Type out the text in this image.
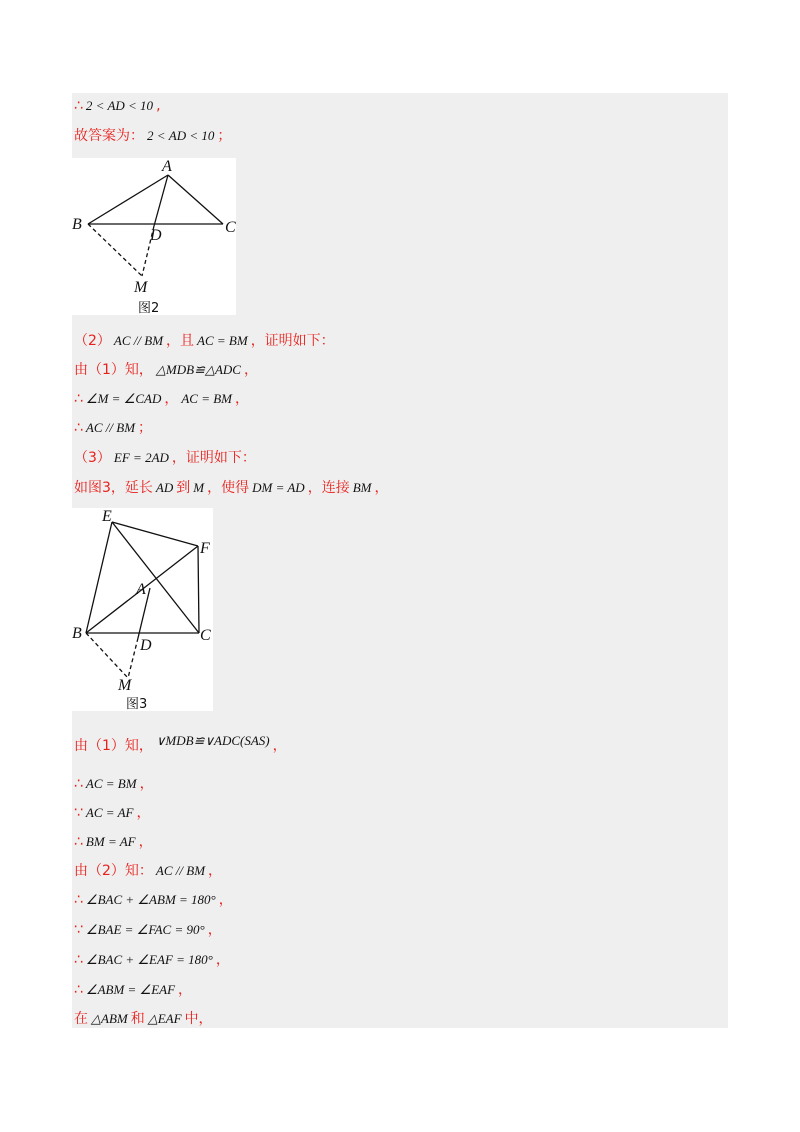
∴ 2 < AD < 10 ,
故答案为： 2 < AD < 10 ；
A
B	C
D
M
图2
（2） AC // BM ，且 AC = BM ，证明如下：
由（1）知， △MDB≌△ADC ，
∴ ∠M = ∠CAD ， AC = BM ，
∴ AC // BM ；
（3） EF = 2AD ，证明如下：
如图3，延长 AD 到 M ，使得 DM = AD ，连接 BM ，
E
F
A
B	C
D
M
图3
由（1）知， ∨MDB≌∨ADC(SAS) ，
∴ AC = BM ，
∵ AC = AF ，
∴ BM = AF ，
由（2）知： AC // BM ，
∴ ∠BAC + ∠ABM = 180° ，
∵ ∠BAE = ∠FAC = 90° ，
∴ ∠BAC + ∠EAF = 180° ，
∴ ∠ABM = ∠EAF ，
在 △ABM 和 △EAF 中，
